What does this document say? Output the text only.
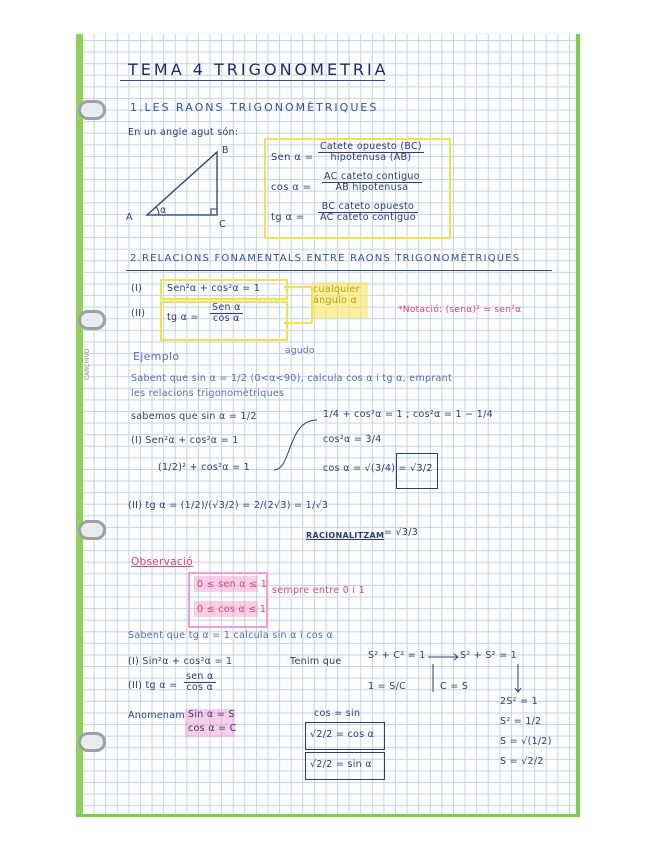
CARCHIVO
TEMA 4 TRIGONOMETRIA
1.LES RAONS TRIGONOMÈTRIQUES
En un angle agut són:
A
B
C
α
Sen $\alpha = \frac{\text{Catete opuesto (BC)}}{\text{hipotenusa (AB)}}$
$\cos \alpha = \frac{\text{AC cateto contiguo}}{\text{AB hipotenusa}}$
tg $\alpha = \frac{\text{BC cateto opuesto}}{\text{AC cateto contiguo}}$
2.RELACIONS FONAMENTALS ENTRE RAONS TRIGONOMÈTRIQUES
(I)	Sen²α + cos²α = 1
(II) tg $\alpha = \frac{\text{Sen α}}{\text{cos α}}$
cualquier ángulo α
*Notació: (senα)² = sen²α
agudo
Ejemplo
Sabent que sin α = 1/2 (0<α<90), calcula cos α i tg α, emprant
les relacions trigonomètriques
sabemos que sin α = 1/2
(I) Sen²α + cos²α = 1
(1/2)² + cos²α = 1
1/4 + cos²α = 1 ; cos²α = 1 − 1/4
cos²α = 3/4
cos α = √(3/4) = √3/2
(II) tg α = (1/2)/(√3/2) = 2/(2√3) = 1/√3
RACIONALITZAM = √3/3
Observació
0 ≤ sen α ≤ 1
0 ≤ cos α ≤ 1
sempre entre 0 i 1
Sabent que tg α = 1 calcula sin α i cos α
(I) Sin²α + cos²α = 1
(II) tg $\alpha = \frac{\text{sen α}}{\text{cos α}}$
Anomenam Sin α = S
cos α = C
Tenim que
S² + C² = 1
1 = S/C
S² + S² = 1
C = S
cos = sin
√2/2 = cos α
√2/2 = sin α
2S² = 1
S² = 1/2
S = √(1/2)
S = √2/2
